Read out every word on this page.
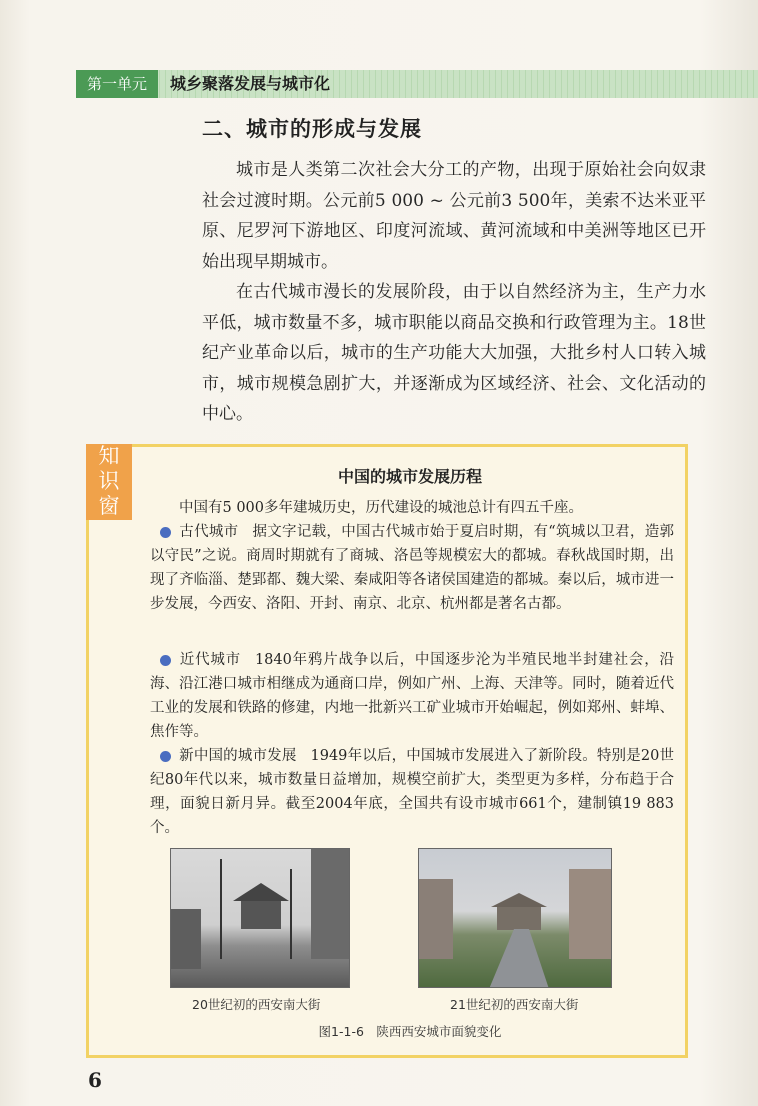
第一单元	城乡聚落发展与城市化
二、城市的形成与发展

城市是人类第二次社会大分工的产物，出现于原始社会向奴隶社会过渡时期。公元前5 000 ~ 公元前3 500年，美索不达米亚平原、尼罗河下游地区、印度河流域、黄河流域和中美洲等地区已开始出现早期城市。

在古代城市漫长的发展阶段，由于以自然经济为主，生产力水平低，城市数量不多，城市职能以商品交换和行政管理为主。18世纪产业革命以后，城市的生产功能大大加强，大批乡村人口转入城市，城市规模急剧扩大，并逐渐成为区域经济、社会、文化活动的中心。

知
识
窗
中国的城市发展历程

中国有5 000多年建城历史，历代建设的城池总计有四五千座。

古代城市 据文字记载，中国古代城市始于夏启时期，有“筑城以卫君，造郭以守民”之说。商周时期就有了商城、洛邑等规模宏大的都城。春秋战国时期，出现了齐临淄、楚郢都、魏大梁、秦咸阳等各诸侯国建造的都城。秦以后，城市进一步发展，今西安、洛阳、开封、南京、北京、杭州都是著名古都。

近代城市 1840年鸦片战争以后，中国逐步沦为半殖民地半封建社会，沿海、沿江港口城市相继成为通商口岸，例如广州、上海、天津等。同时，随着近代工业的发展和铁路的修建，内地一批新兴工矿业城市开始崛起，例如郑州、蚌埠、焦作等。

新中国的城市发展 1949年以后，中国城市发展进入了新阶段。特别是20世纪80年代以来，城市数量日益增加，规模空前扩大，类型更为多样，分布趋于合理，面貌日新月异。截至2004年底，全国共有设市城市661个，建制镇19 883个。

20世纪初的西安南大街	21世纪初的西安南大街
图1-1-6　陕西西安城市面貌变化
6
